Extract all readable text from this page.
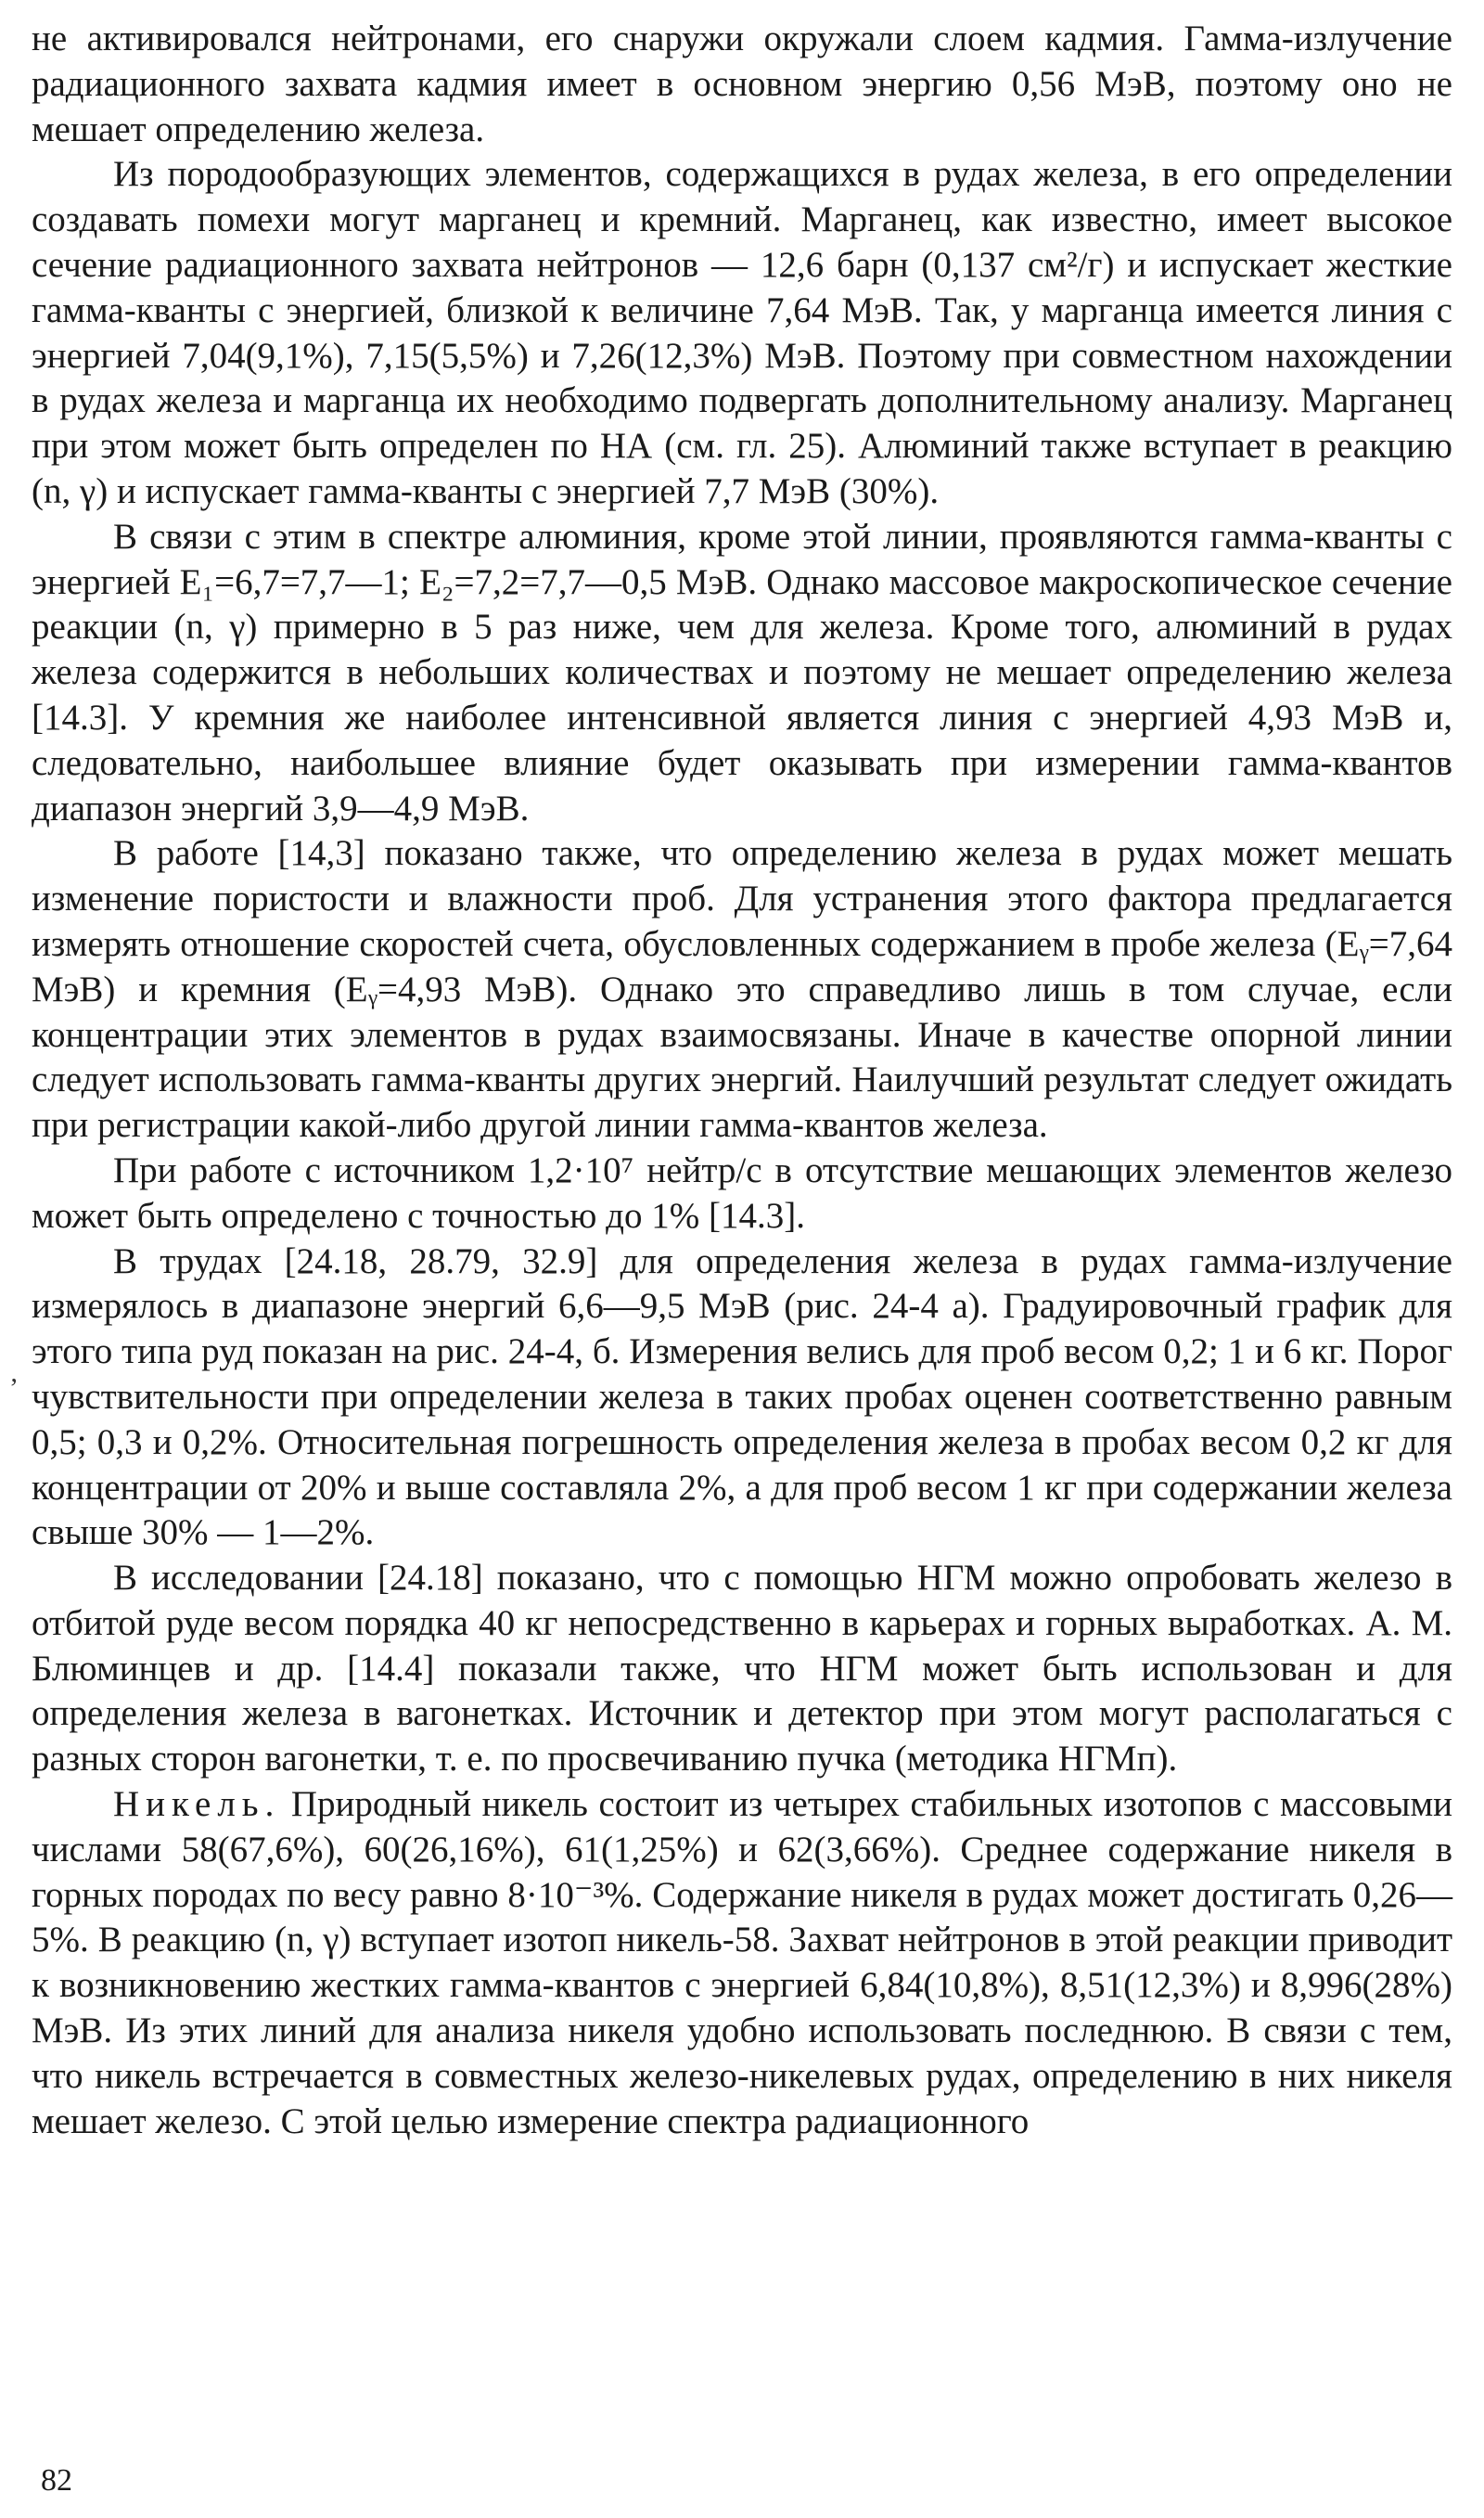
не активировался нейтронами, его снаружи окружали слоем кадмия. Гамма-излучение радиационного захвата кадмия имеет в основном энергию 0,56 МэВ, поэтому оно не мешает определению железа.

Из породообразующих элементов, содержащихся в рудах железа, в его определении создавать помехи могут марганец и кремний. Марганец, как известно, имеет высокое сечение радиационного захвата нейтронов — 12,6 барн (0,137 см²/г) и испускает жесткие гамма-кванты с энергией, близкой к величине 7,64 МэВ. Так, у марганца имеется линия с энергией 7,04(9,1%), 7,15(5,5%) и 7,26(12,3%) МэВ. Поэтому при совместном нахождении в рудах железа и марганца их необходимо подвергать дополнительному анализу. Марганец при этом может быть определен по НА (см. гл. 25). Алюминий также вступает в реакцию (n, γ) и испускает гамма-кванты с энергией 7,7 МэВ (30%).

В связи с этим в спектре алюминия, кроме этой линии, проявляются гамма-кванты с энергией E₁=6,7=7,7—1; E₂=7,2=7,7—0,5 МэВ. Однако массовое макроскопическое сечение реакции (n, γ) примерно в 5 раз ниже, чем для железа. Кроме того, алюминий в рудах железа содержится в небольших количествах и поэтому не мешает определению железа [14.3]. У кремния же наиболее интенсивной является линия с энергией 4,93 МэВ и, следовательно, наибольшее влияние будет оказывать при измерении гамма-квантов диапазон энергий 3,9—4,9 МэВ.

В работе [14,3] показано также, что определению железа в рудах может мешать изменение пористости и влажности проб. Для устранения этого фактора предлагается измерять отношение скоростей счета, обусловленных содержанием в пробе железа (Eᵧ=7,64 МэВ) и кремния (Eᵧ=4,93 МэВ). Однако это справедливо лишь в том случае, если концентрации этих элементов в рудах взаимосвязаны. Иначе в качестве опорной линии следует использовать гамма-кванты других энергий. Наилучший результат следует ожидать при регистрации какой-либо другой линии гамма-квантов железа.

При работе с источником 1,2·10⁷ нейтр/с в отсутствие мешающих элементов железо может быть определено с точностью до 1% [14.3].

В трудах [24.18, 28.79, 32.9] для определения железа в рудах гамма-излучение измерялось в диапазоне энергий 6,6—9,5 МэВ (рис. 24-4 а). Градуировочный график для этого типа руд показан на рис. 24-4, б. Измерения велись для проб весом 0,2; 1 и 6 кг. Порог чувствительности при определении железа в таких пробах оценен соответственно равным 0,5; 0,3 и 0,2%. Относительная погрешность определения железа в пробах весом 0,2 кг для концентрации от 20% и выше составляла 2%, а для проб весом 1 кг при содержании железа свыше 30% — 1—2%.

В исследовании [24.18] показано, что с помощью НГМ можно опробовать железо в отбитой руде весом порядка 40 кг непосредственно в карьерах и горных выработках. А. М. Блюминцев и др. [14.4] показали также, что НГМ может быть использован и для определения железа в вагонетках. Источник и детектор при этом могут располагаться с разных сторон вагонетки, т. е. по просвечиванию пучка (методика НГМп).

Никель. Природный никель состоит из четырех стабильных изотопов с массовыми числами 58(67,6%), 60(26,16%), 61(1,25%) и 62(3,66%). Среднее содержание никеля в горных породах по весу равно 8·10⁻³%. Содержание никеля в рудах может достигать 0,26—5%. В реакцию (n, γ) вступает изотоп никель-58. Захват нейтронов в этой реакции приводит к возникновению жестких гамма-квантов с энергией 6,84(10,8%), 8,51(12,3%) и 8,996(28%) МэВ. Из этих линий для анализа никеля удобно использовать последнюю. В связи с тем, что никель встречается в совместных железо-никелевых рудах, определению в них никеля мешает железо. С этой целью измерение спектра радиационного

‚
82
